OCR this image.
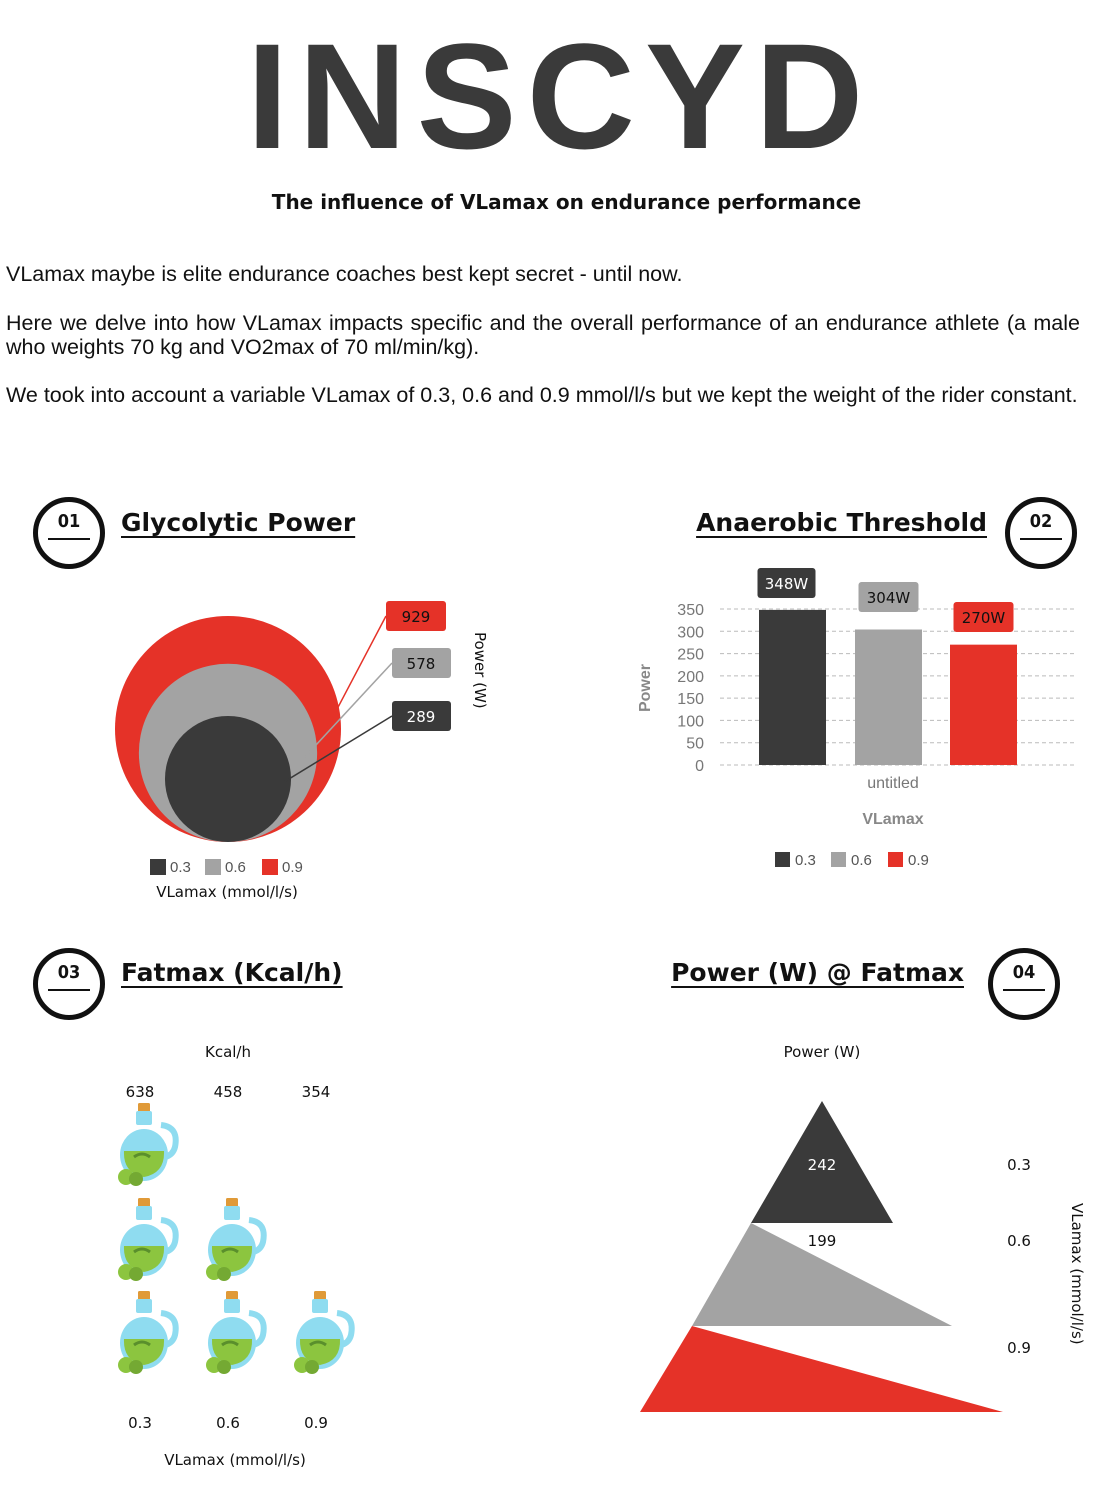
INSCYD
The influence of VLamax on endurance performance
VLamax maybe is elite endurance coaches best kept secret - until now.
Here we delve into how VLamax impacts specific and the overall performance of an endurance athlete (a male who weights 70 kg and VO2max of 70 ml/min/kg).
We took into account a variable VLamax of 0.3, 0.6 and 0.9 mmol/l/s but we kept the weight of the rider constant.
01	Glycolytic Power	02
Anaerobic Threshold
03	Fatmax (Kcal/h)	04
Power (W) @ Fatmax
929
578
289
Power (W)
0.3 0.6 0.9
VLamax (mmol/l/s)
0
50
100
150
200
250
300
350
348W
304W
270W
untitled
VLamax
Power
0.3 0.6 0.9
Kcal/h
638	458	354
0.3	0.6	0.9
VLamax (mmol/l/s)
Power (W)
242
199
170
0.3
0.6
0.9
VLamax (mmol/l/s)
